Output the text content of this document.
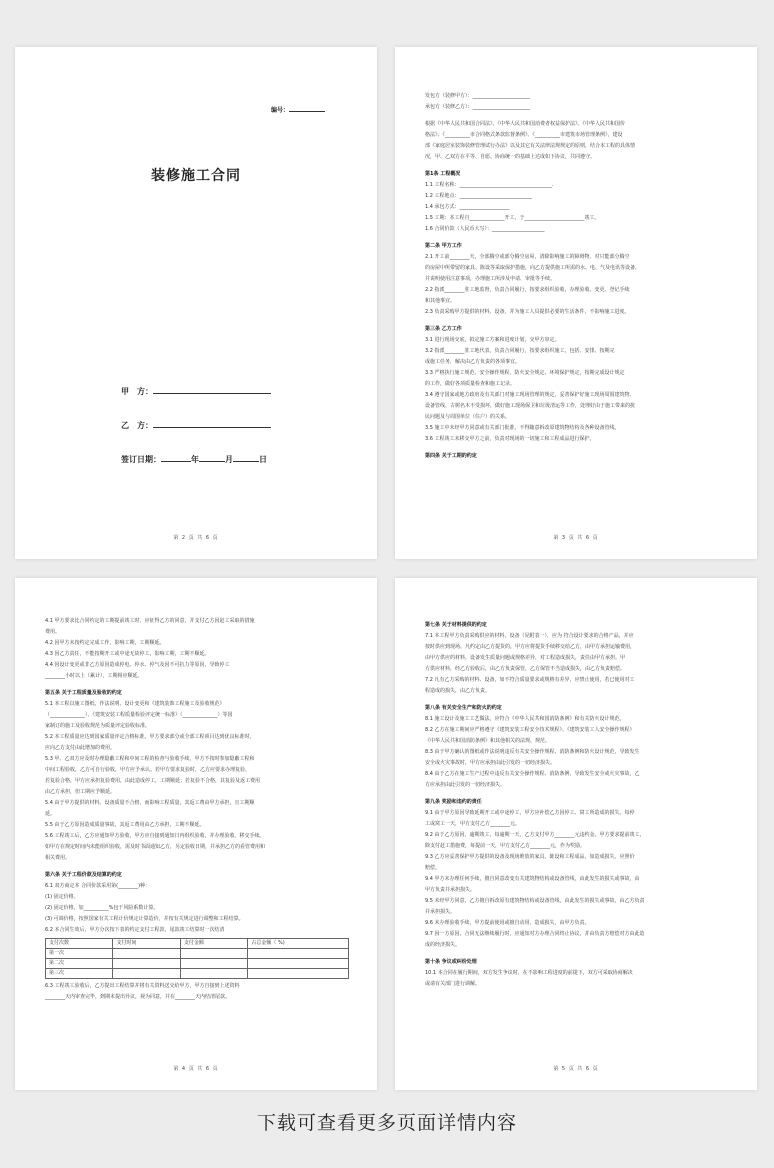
编号：
装修施工合同
甲　方：
乙　方：
签订日期：	年	月	日
第 2 页 共 6 页

发包方（装修甲方）：_______________________

承包方（装修乙方）：_______________________

根据《中华人民共和国合同法》、《中华人民共和国消费者权益保护法》、《中华人民共和国价

格法》、《__________市合同格式条款监督条例》、《__________市建筑市场管理条例》，建设

部《家庭居室装饰装修管理试行办法》以及其它有关法律法规规定的原则，结合本工程的具体情

况，甲、乙双方在平等、自愿、协商统一的基础上达成如下协议，共同遵守。

第1条 工程概况

1.1 工程名称：_____________________________________.

1.2 工程地点：_____________________________

1.4 承包方式：____________________

1.5 工期：本工程自______________开工，于________________________竣工。

1.6 合同价款（人民币大写）：_____________________

第二条 甲方工作

2.1 开工前________天，全部腾空或部分腾空房屋，清除影响施工的障碍物，对只能部分腾空

的房屋中所带留的家具、陈设等采取保护措施，向乙方提供施工所需的水、电、气及电讯等设备，

并说明使用注意事项，办理施工所涉及申请、审批等手续。

2.2 指派________驻工地监督，负责合同履行，按要求组织验收，办理验收、变更、登记手续

和其他事宜。

2.3 负责采购甲方提供的材料、设备，并为施工人员提供必要的生活条件，不影响施工进度。

第三条 乙方工作

3.1 进行现场交底，拟定施工方案和进度计划，交甲方审定。

3.2 指派________驻工地代表，负责合同履行，按要求组织施工，包括、安排、按期完

成施工任务，解决由乙方负责的各项事宜。

3.3 严格执行施工规范、安全操作规程、防火安全规定、环境保护规定，按期完成设计规定

的工作，做好各项质量检查和施工记录。

3.4 遵守国家或地方政府及有关部门对施工现场管理的规定，妥善保护好施工现场周围建筑物、

设备管线、古树名木不受损坏，做好施工现场保卫和垃圾清运等工作，处理好由于施工带来的扰

民问题及与周围单位（住户）的关系。

3.5 施工中未经甲方同意或有关部门批准，不得随意拆改原建筑物结构及各种设备管线。

3.6 工程竣工未移交甲方之前，负责对现场的一切施工和工程成品进行保护。

第四条 关于工期的约定

第 3 页 共 6 页

4.1 甲方要求比合同约定的工期提前竣工时，应征得乙方的同意，并支付乙方因赶工采取的措施

费用。

4.2 因甲方未按约定完成工作，影响工期，工期顺延。

4.3 因乙方责任，不能按期开工或中途无故停工，影响工期，工期不顺延。

4.4 因设计变更或非乙方原因造成停电、停水、停气及因不可抗力等原因，导致停工

________小时以上（累计），工期相应顺延。

第五条 关于工程质量及验收的约定

5.1 本工程以施工图纸、作法说明、设计变更和《建筑装饰工程施工及验收规范》

（______________）、《建筑安装工程质量检验评定统一标准》（______________）等国

家制订的施工及验收规范为质量评定验收标准。

5.2 本工程质量应达到国家质量评定合格标准。甲方要求部分或全部工程项目达到优良标准时，

应向乙方支付由此增加的费用。

5.3 甲、乙双方应及时办理隐蔽工程和中间工程的检查与验收手续，甲方不按时参加隐蔽工程和

中间工程验收，乙方可自行验收，甲方应予承认。若甲方要求复验时，乙方应要求办理复验。

若复验合格，甲方应承担复验费用，由此造成停工，工期顺延；若复验不合格，其复验及返工费用

由乙方承担，但工期应予顺延。

5.4 由于甲方提供的材料、设备质量不合格，而影响工程质量，其返工费由甲方承担，且工期顺

延。

5.5 由于乙方原因造成质量事故，其返工费用由乙方承担，工期不顺延。

5.6 工程竣工后，乙方应通知甲方验收，甲方应自接到通知日内组织验收，并办理验收、移交手续。

如甲方在规定时间内未能组织验收，需及时书面通知乙方，另定验收日期，并承担乙方的看管费用和

相关费用。

第六条 关于工程价款及结算的约定

6.1 双方商定本 合同价款采用第(________)种：

(1) 固定价格。

(2) 固定价格，加__________%包干风险系数计算。

(3) 可调价格，按照国家有关工程计价规定计算造价，并按有关规定进行调整和工程结算。

6.2 本合同生效后，甲方分次按下表的约定支付工程款，尾款竣工结算时一次结清

支付次数	支付时间	支付金额	占总金额（ %)
第一次			
第二次			
第三次			

6.3 工程竣工验收后，乙方提出工程结算并将有关资料送交给甲方，甲方自接到上述资料

________天内审查完毕，到期未提出异议，视为同意，并在________天内结清尾款。

第 4 页 共 6 页

第七条 关于材料提供的约定

7.1 本工程甲方负责采购供应的材料，设备（见附表一），应为 符合设计要求的合格产品，并应

按时供应到现场。凡约定由乙方提货的，甲方应将提货手续移交给乙方，由甲方承担运输费用，

由甲方供应的材料，设备发生质量问题或规格差异，对工程造成损失，责任由甲方承担。甲

方供应材料，经乙方验收后，由乙方负责保管，乙方保管不当造成损失，由乙方负责赔偿。

7.2 凡有乙方采购的材料、设备，如不符合质量要求或规格有差异，应禁止使用，若已使用对工

程造成的损失，由乙方负责。

第八条 有关安全生产和防火的约定

8.1 施工设计及施工工艺做法，应符合《中华人民共和国消防条例》和有关防火设计规范。

8.2 乙方在施工期间应严格遵守《建筑安装工程安全技术规程》、《建筑安装工人安全操作规程》

《中华人民共和国消防条例》和其他相关的法规、规范。

8.3 由于甲方确认的图纸或作法说明违反有关安全操作规程、消防条例和防火设计规范，导致发生

安全或火灾事故时，甲方应承担由此引发的一切经济损失。

8.4 由于乙方在施工生产过程中违反有关安全操作规程、消防条例，导致发生安全或火灾事故，乙

方应承担由此引发的一切经济损失。

第九条 奖励和违约的责任

9.1 由于甲方原因导致延期开工或中途停工，甲方应补偿乙方因停工、窝工所造成的损失。每停

工或窝工一天，甲方支付乙方________元。

9.2 由于乙方原因，逾期竣工，每逾期一天，乙方支付甲方________元违约金。甲方要求提前竣工，

除支付赶工措施费，每提前一天，甲方支付乙方________元，作为奖励。

9.3 乙方应妥善保护甲方提供的设备及现场堆放的家具，陈设和工程成品，如造成损失，应照价

赔偿。

9.4 甲方未办理任何手续，擅自同意改变有关建筑物结构或设备管线，由此发生的损失或事故，由

甲方负责并承担损失。

9.5 未经甲方同意，乙方擅自拆改原有建筑物结构或设备管线，由此发生的损失或事故，由乙方负责

并承担损失。

9.6 未办理验收手续，甲方提前使用或擅自动用，造成损失，由甲方负责。

9.7 因一方原因，合同无法继续履行时，应通知对方办理合同终止协议，并由负责方赔偿对方由此造

成的经济损失。

第十条 争议或纠纷处理

10.1 本合同在履行期间，双方发生争议时，在不影响工程进度的前提下，双方可采取协商解决

或请有关部门进行调解。

第 5 页 共 6 页
下载可查看更多页面详情内容
